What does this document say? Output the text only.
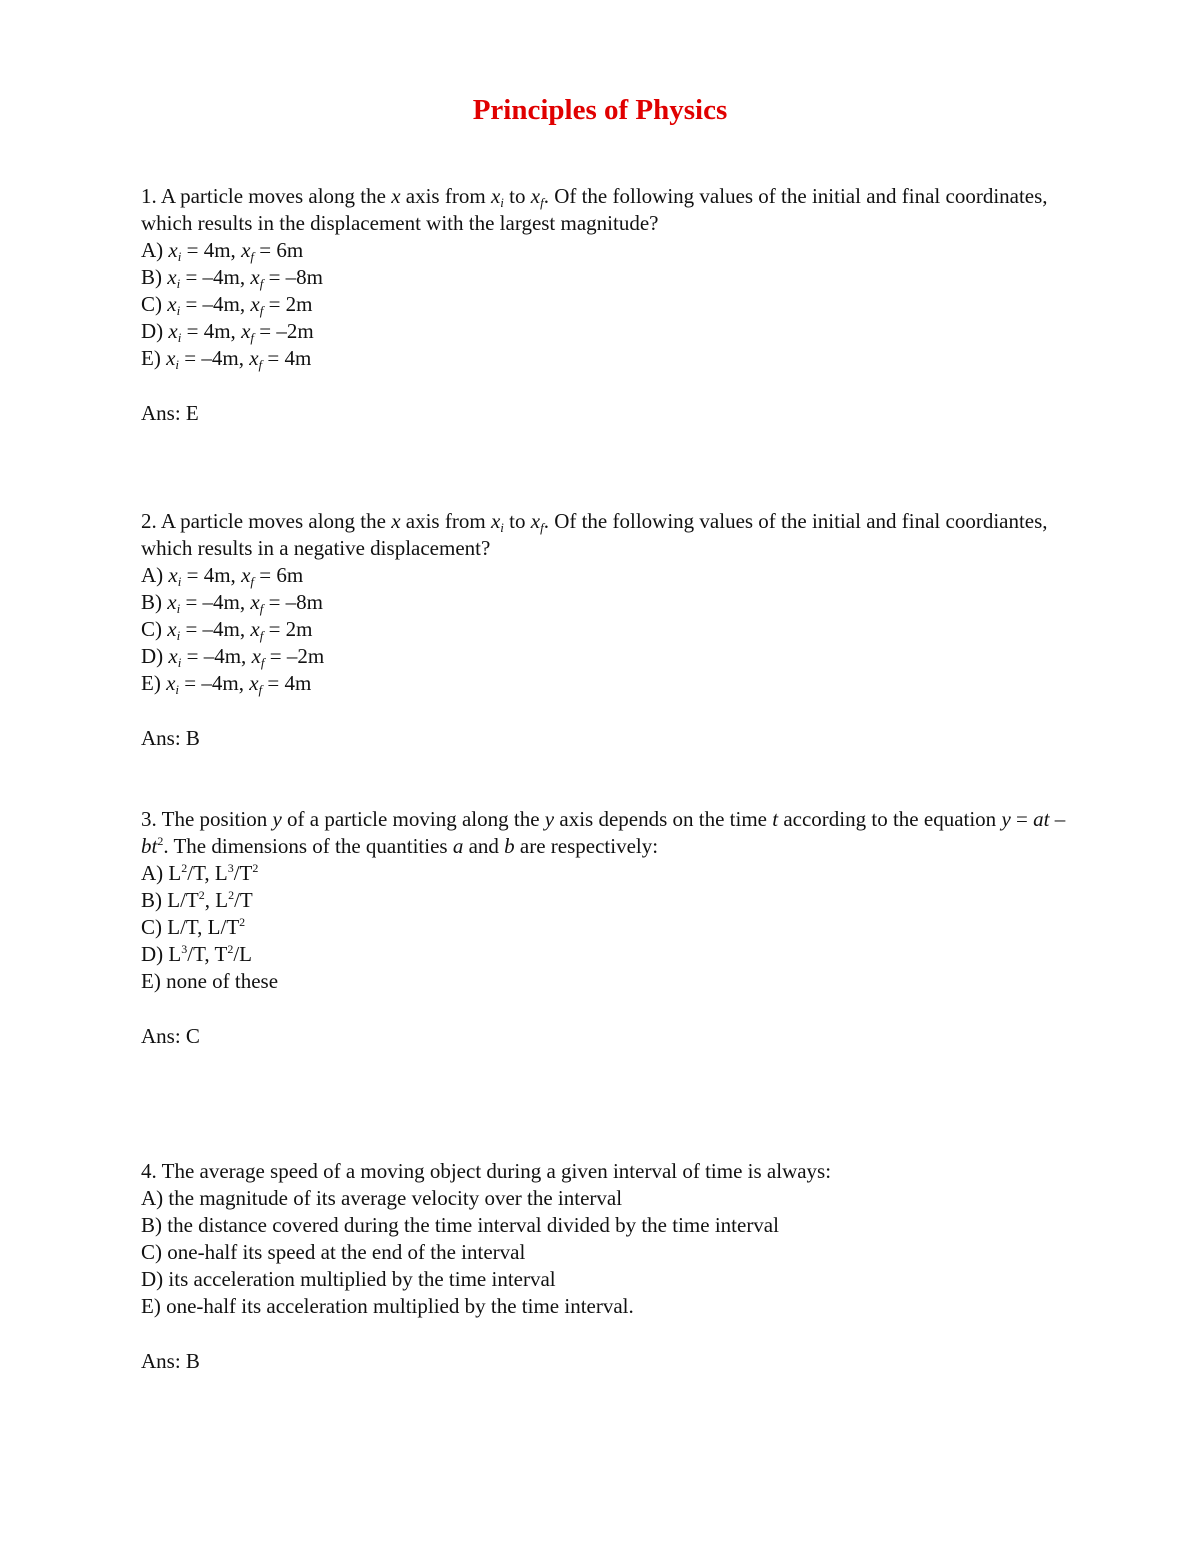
Principles of Physics

1. A particle moves along the x axis from $x_i$ to $x_f$. Of the following values of the initial and final coordinates, which results in the displacement with the largest magnitude?

A) $x_i = 4m$, $x_f = 6m$

B) $x_i = -4m$, $x_f = -8m$

C) $x_i = -4m$, $x_f = 2m$

D) $x_i = 4m$, $x_f = -2m$

E) $x_i = -4m$, $x_f = 4m$

Ans: E

2. A particle moves along the x axis from $x_i$ to $x_f$. Of the following values of the initial and final coordiantes, which results in a negative displacement?

A) $x_i = 4m$, $x_f = 6m$

B) $x_i = -4m$, $x_f = -8m$

C) $x_i = -4m$, $x_f = 2m$

D) $x_i = -4m$, $x_f = -2m$

E) $x_i = -4m$, $x_f = 4m$

Ans: B

3. The position y of a particle moving along the y axis depends on the time t according to the equation y = at – $bt^2$. The dimensions of the quantities a and b are respectively:

A) $L^2/T$, $L^3/T^2$

B) $L/T^2$, $L^2/T$

C) L/T, $L/T^2$

D) $L^3/T$, $T^2/L$

E) none of these

Ans: C

4. The average speed of a moving object during a given interval of time is always:

A) the magnitude of its average velocity over the interval

B) the distance covered during the time interval divided by the time interval

C) one-half its speed at the end of the interval

D) its acceleration multiplied by the time interval

E) one-half its acceleration multiplied by the time interval.

Ans: B
